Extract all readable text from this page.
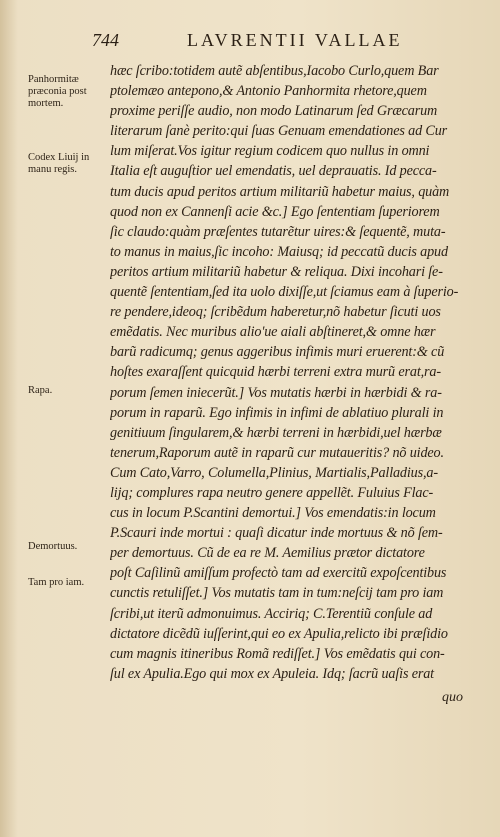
744	LAVRENTII VALLAE
Panhormitæ
præconia post
mortem.
Codex Liuij in
manu regis.
Rapa.
Demortuus.
Tam pro iam.
hæc ſcribo:totidem autẽ abſentibus,Iacobo Curlo,quem Bar
ptolemæo antepono,& Antonio Panhormita rhetore,quem
proxime periſſe audio, non modo Latinarum ſed Græcarum
literarum ſanè perito:qui ſuas Genuam emendationes ad Cur
lum miſerat.Vos igitur regium codicem quo nullus in omni
Italia eſt auguſtior uel emendatis, uel deprauatis. Id pecca-
tum ducis apud peritos artium militariũ habetur maius, quàm
quod non ex Cannenſi acie &c.] Ego ſententiam ſuperiorem
ſic claudo:quàm præſentes tutarẽtur uires:& ſequentẽ, muta-
to manus in maius,ſic incoho: Maiusq; id peccatũ ducis apud
peritos artium militariũ habetur & reliqua. Dixi incohari ſe-
quentẽ ſententiam,ſed ita uolo dixiſſe,ut ſciamus eam à ſuperio-
re pendere,ideoq; ſcribẽdum haberetur,nõ habetur ſicuti uos
emẽdatis. Nec muribus alio'ue aiali abſtineret,& omne hær
barũ radicumq; genus aggeribus infimis muri eruerent:& cũ
hoſtes exaraſſent quicquid hærbi terreni extra murũ erat,ra-
porum ſemen iniecerũt.] Vos mutatis hærbi in hærbidi & ra-
porum in raparũ. Ego infimis in infimi de ablatiuo plurali in
genitiuum ſingularem,& hærbi terreni in hærbidi,uel hærbæ
tenerum,Raporum autẽ in raparũ cur mutaueritis? nõ uideo.
Cum Cato,Varro, Columella,Plinius, Martialis,Palladius,a-
lijq; complures rapa neutro genere appellẽt. Fuluius Flac-
cus in locum P.Scantini demortui.] Vos emendatis:in locum
P.Scauri inde mortui : quaſi dicatur inde mortuus & nõ ſem-
per demortuus. Cũ de ea re M. Aemilius prætor dictatore
poſt Caſilinũ amiſſum profectò tam ad exercitũ expoſcentibus
cunctis retuliſſet.] Vos mutatis tam in tum:neſcij tam pro iam
ſcribi,ut iterũ admonuimus. Acciriq; C.Terentiũ conſule ad
dictatore dicẽdũ iuſſerint,qui eo ex Apulia,relicto ibi præſidio
cum magnis itineribus Romã rediſſet.] Vos emẽdatis qui con-
ſul ex Apulia.Ego qui mox ex Apuleia. Idq; ſacrũ uaſis erat
quo
